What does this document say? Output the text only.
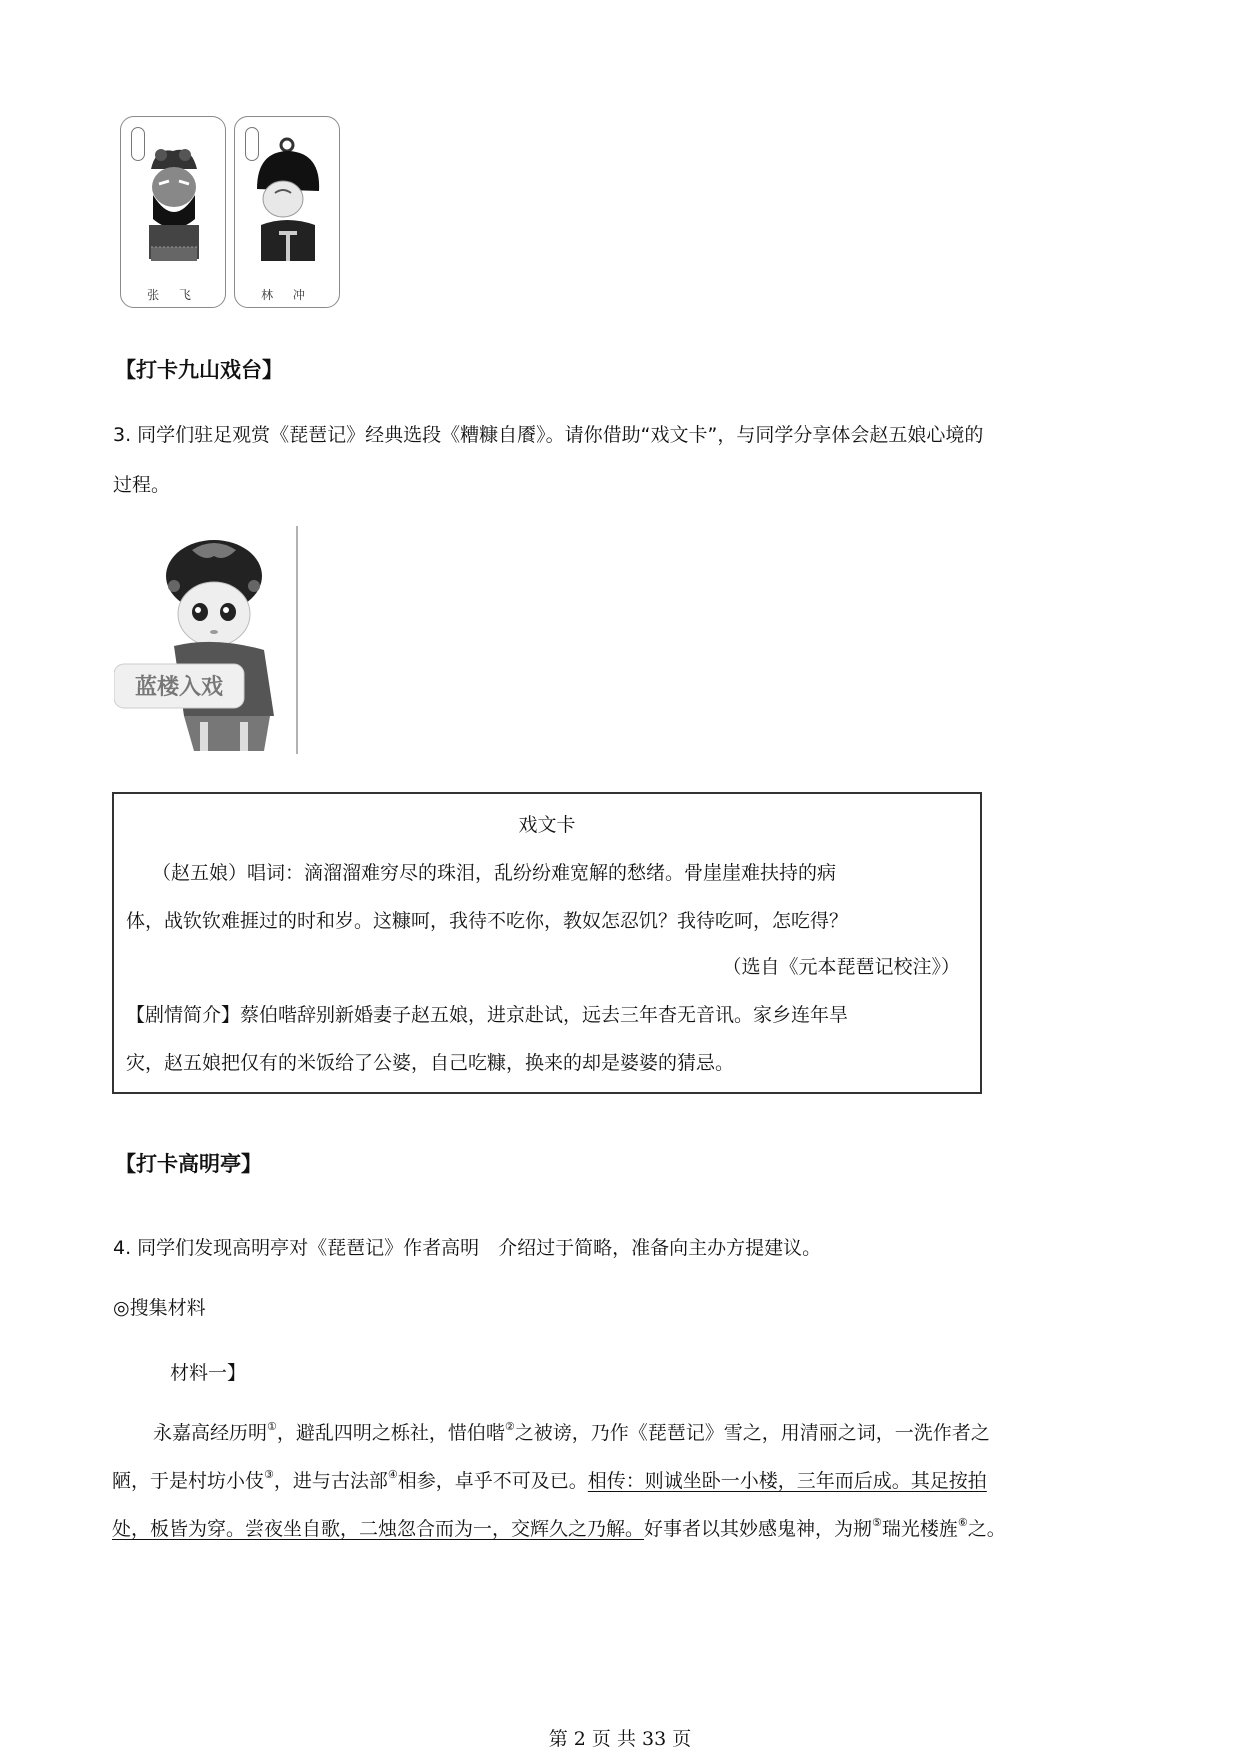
张 飞	林 冲
【打卡九山戏台】
3. 同学们驻足观赏《琵琶记》经典选段《糟糠自餍》。请你借助“戏文卡”，与同学分享体会赵五娘心境的
过程。
蓝楼入戏
戏文卡
（赵五娘）唱词：滴溜溜难穷尽的珠泪，乱纷纷难宽解的愁绪。骨崖崖难扶持的病
体，战钦钦难捱过的时和岁。这糠呵，我待不吃你，教奴怎忍饥？我待吃呵，怎吃得？
（选自《元本琵琶记校注》）
【剧情简介】蔡伯喈辞别新婚妻子赵五娘，进京赴试，远去三年杳无音讯。家乡连年旱
灾，赵五娘把仅有的米饭给了公婆，自己吃糠，换来的却是婆婆的猜忌。
【打卡高明亭】
4. 同学们发现高明亭对《琵琶记》作者高明　介绍过于简略，准备向主办方提建议。
◎搜集材料
材料一】
永嘉高经历明①，避乱四明之栎社，惜伯喈②之被谤，乃作《琵琶记》雪之，用清丽之词，一洗作者之
陋，于是村坊小伎③，进与古法部④相参，卓乎不可及已。相传：则诚坐卧一小楼，三年而后成。其足按拍
处，板皆为穿。尝夜坐自歌，二烛忽合而为一，交辉久之乃解。好事者以其妙感鬼神，为剏⑤瑞光楼旌⑥之。
第 2 页 共 33 页
